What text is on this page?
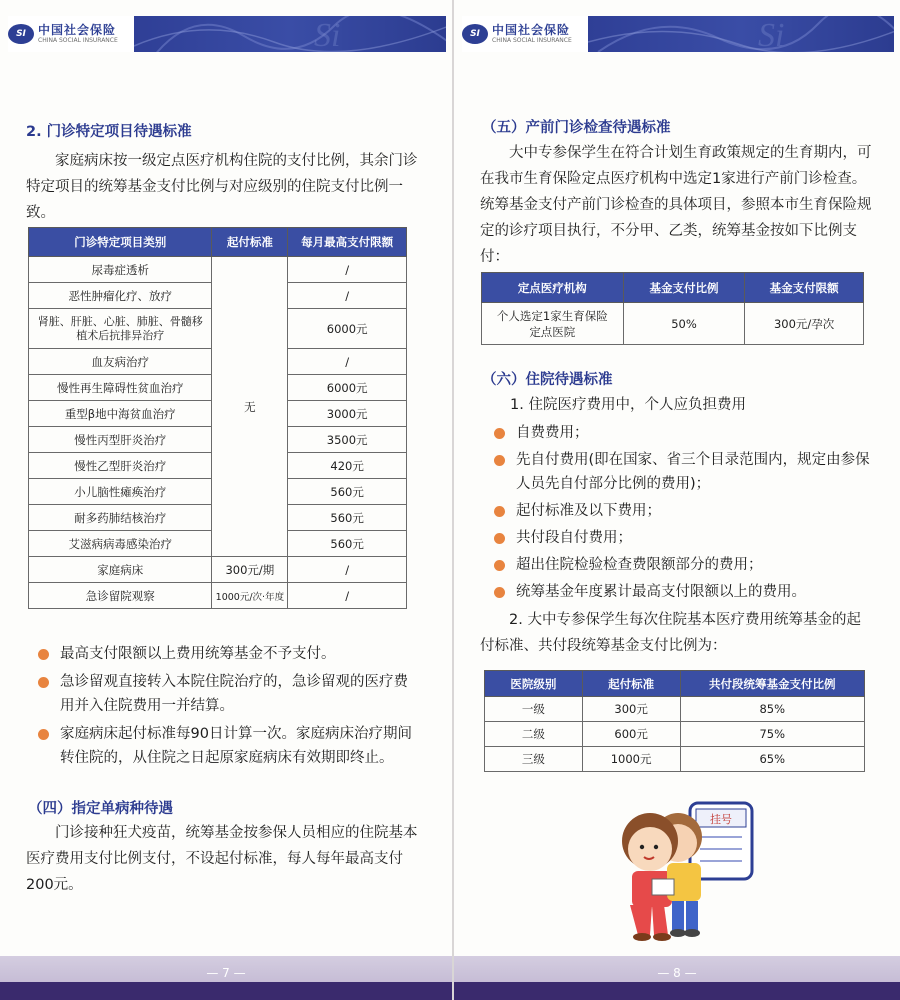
SI	中国社会保险
CHINA SOCIAL INSURANCE	Si
2. 门诊特定项目待遇标准
家庭病床按一级定点医疗机构住院的支付比例，其余门诊特定项目的统筹基金支付比例与对应级别的住院支付比例一致。
门诊特定项目类别	起付标准	每月最高支付限额
尿毒症透析	无	/
恶性肿瘤化疗、放疗		/
肾脏、肝脏、心脏、肺脏、骨髓移植术后抗排异治疗		6000元
血友病治疗		/
慢性再生障碍性贫血治疗		6000元
重型β地中海贫血治疗		3000元
慢性丙型肝炎治疗		3500元
慢性乙型肝炎治疗		420元
小儿脑性瘫痪治疗		560元
耐多药肺结核治疗		560元
艾滋病病毒感染治疗		560元
家庭病床	300元/期	/
急诊留院观察	1000元/次·年度	/
最高支付限额以上费用统筹基金不予支付。
急诊留观直接转入本院住院治疗的，急诊留观的医疗费用并入住院费用一并结算。
家庭病床起付标准每90日计算一次。家庭病床治疗期间转住院的，从住院之日起原家庭病床有效期即终止。
（四）指定单病种待遇
门诊接种狂犬疫苗，统筹基金按参保人员相应的住院基本医疗费用支付比例支付，不设起付标准，每人每年最高支付200元。
— 7 —
SI	中国社会保险
CHINA SOCIAL INSURANCE	Si
（五）产前门诊检查待遇标准
大中专参保学生在符合计划生育政策规定的生育期内，可在我市生育保险定点医疗机构中选定1家进行产前门诊检查。统筹基金支付产前门诊检查的具体项目，参照本市生育保险规定的诊疗项目执行，不分甲、乙类，统筹基金按如下比例支付：
定点医疗机构	基金支付比例	基金支付限额
个人选定1家生育保险定点医院	50%	300元/孕次
（六）住院待遇标准
1. 住院医疗费用中，个人应负担费用
自费费用；
先自付费用(即在国家、省三个目录范围内，规定由参保人员先自付部分比例的费用)；
起付标准及以下费用；
共付段自付费用；
超出住院检验检查费限额部分的费用；
统筹基金年度累计最高支付限额以上的费用。
2. 大中专参保学生每次住院基本医疗费用统筹基金的起付标准、共付段统筹基金支付比例为：
医院级别	起付标准	共付段统筹基金支付比例
一级	300元	85%
二级	600元	75%
三级	1000元	65%
挂号
— 8 —
